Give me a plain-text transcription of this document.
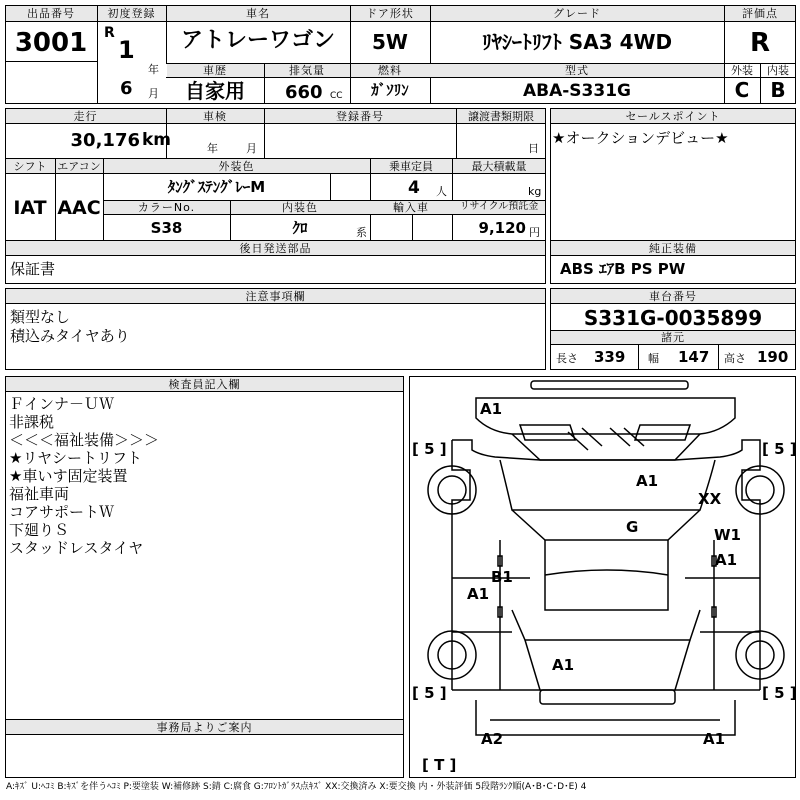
出品番号
3001
初度登録
R
1
年
6 月
車名
アトレーワゴン
ドア形状
5W
グレード
ﾘﾔｼｰﾄﾘﾌﾄ SA3 4WD
評価点
R
車歴
自家用
排気量
660 CC
燃料
ｶﾞｿﾘﾝ
型式
ABA-S331G
外装	内装
C	B
走行
30,176 km
車検
年	月
登録番号	譲渡書類期限
日
シフト
IAT
エアコン
AAC
外装色
ﾀﾝｸﾞｽﾃﾝｸﾞﾚｰM
乗車定員
4 人
最大積載量
kg
カラーNo.
S38
内装色
ｸﾛ	系
輸入車	リサイクル預託金
9,120 円
後日発送部品
保証書
セールスポイント
★オークションデビュー★
純正装備
ABS ｴｱB PS PW
注意事項欄
類型なし
積込みタイヤあり
車台番号
S331G-0035899
諸元
長さ 339 幅 147 高さ 190
検査員記入欄
Ｆインナ－ＵＷ
非課税
＜＜＜福祉装備＞＞＞
★リヤシートリフト
★車いす固定装置
福祉車両
コアサポートＷ
下廻りＳ
スタッドレスタイヤ
事務局よりご案内
[ 5 ]	[ 5 ]
[ 5 ]	[ 5 ]
[ T ]
A1
A1
XX
G	W1
A1
B1
A1
A1
A2	A1
A:ｷｽﾞ U:ﾍｺﾐ B:ｷｽﾞを伴うﾍｺﾐ P:要塗装 W:補修跡 S:錆 C:腐食 G:ﾌﾛﾝﾄｶﾞﾗｽ点ｷｽﾞ XX:交換済み X:要交換 内・外装評価 5段階ﾗﾝｸ順(A･B･C･D･E) 4
